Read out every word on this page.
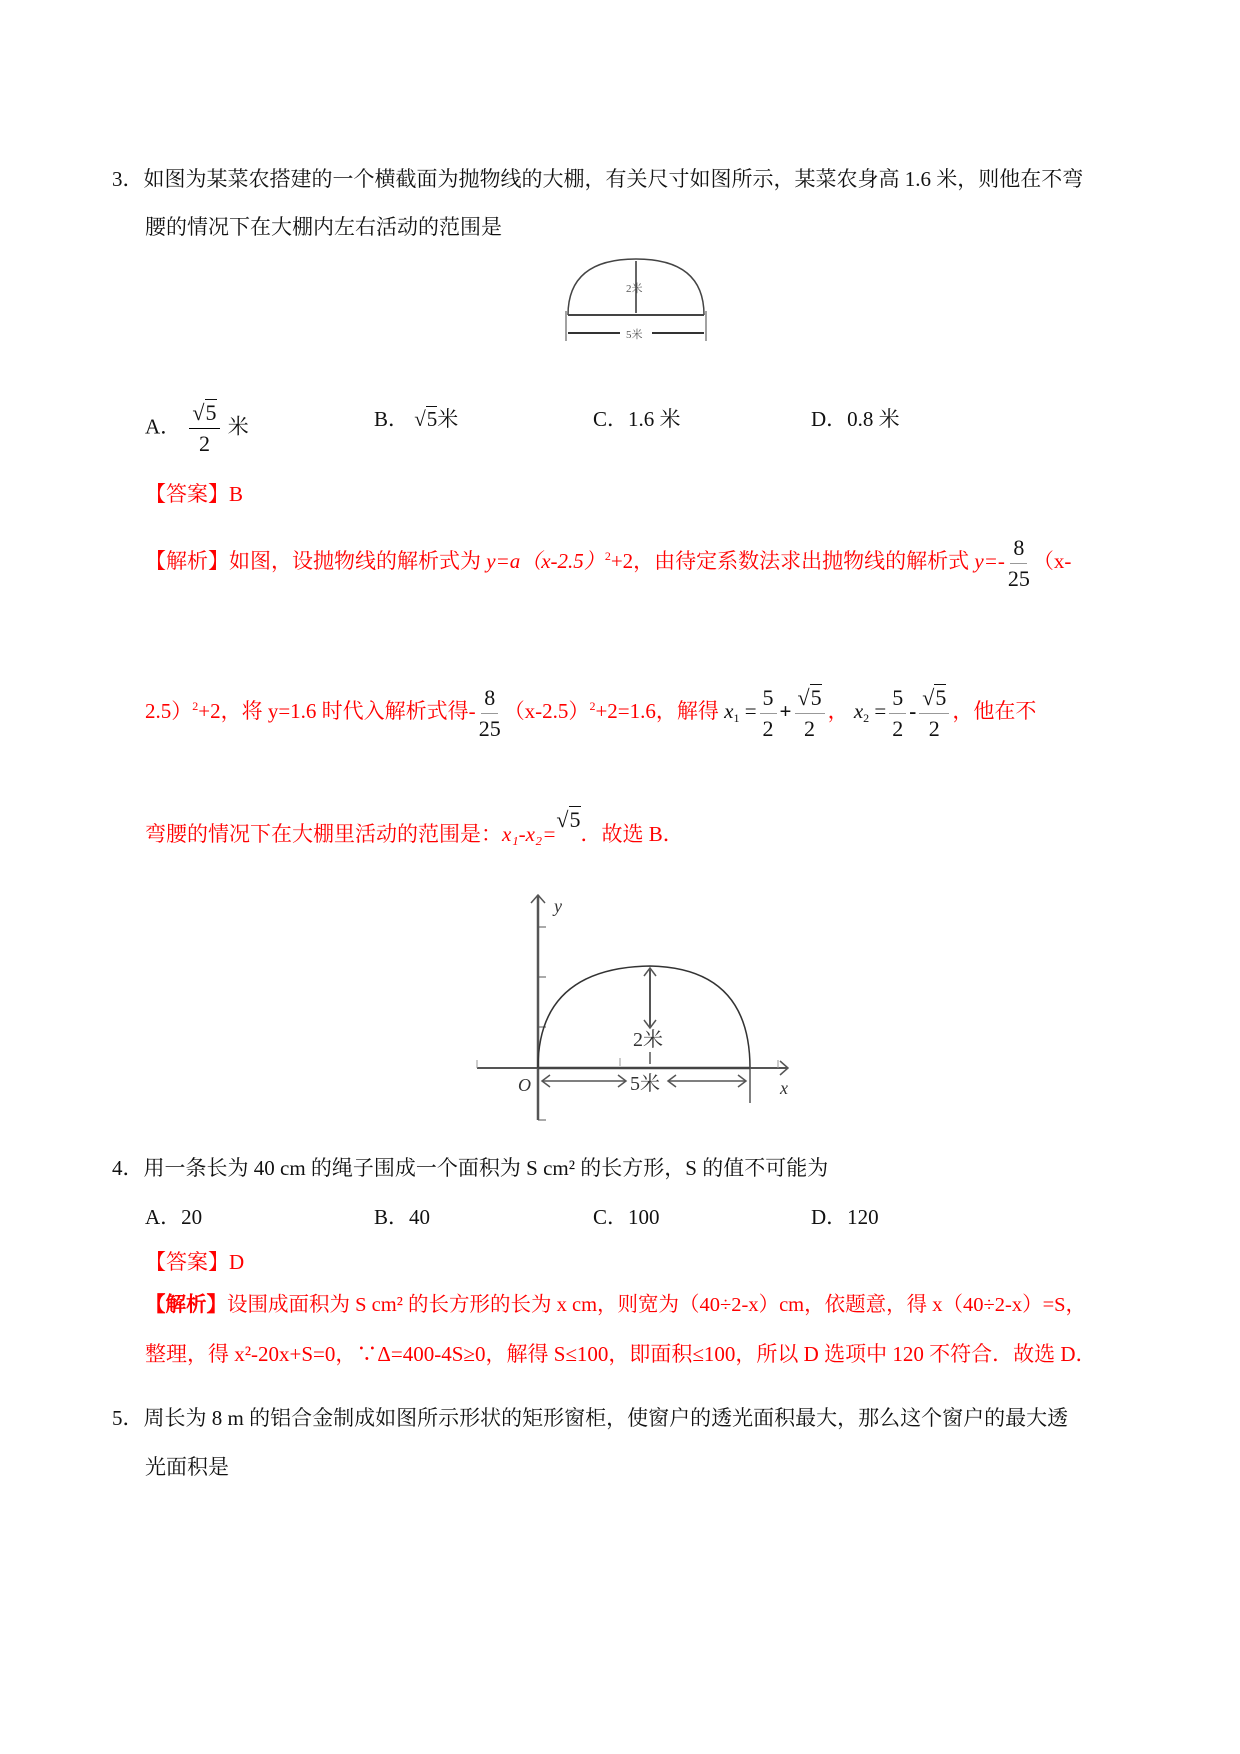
3．如图为某菜农搭建的一个横截面为抛物线的大棚，有关尺寸如图所示，某菜农身高 1.6 米，则他在不弯
腰的情况下在大棚内左右活动的范围是
2米
5米
A． $\frac{√5}{2}$ 米	B． √5米	C．1.6 米	D．0.8 米
【答案】B
【解析】如图，设抛物线的解析式为 $y=a(x-2.5)^2+2$，由待定系数法求出抛物线的解析式 $y=- \frac{8}{25} (x-$
2.5）$^2$+2，将 y=1.6 时代入解析式得- $\frac{8}{25} (x-2.5)^2+2=1.6$，解得 $x_1 = \frac{5}{2} + \frac{√5}{2}$ ， $x_2 = \frac{5}{2} - \frac{√5}{2}$ ，他在不
弯腰的情况下在大棚里活动的范围是：x₁-x₂=√5．故选 B．
y
x
O
2米
5米
4．用一条长为 40 cm 的绳子围成一个面积为 S cm² 的长方形，S 的值不可能为
A．20	B．40	C．100	D．120
【答案】D
【解析】设围成面积为 S cm² 的长方形的长为 x cm，则宽为（40÷2-x）cm，依题意，得 x（40÷2-x）=S，
整理，得 x²-20x+S=0，∵Δ=400-4S≥0，解得 S≤100，即面积≤100，所以 D 选项中 120 不符合．故选 D．
5．周长为 8 m 的铝合金制成如图所示形状的矩形窗柜，使窗户的透光面积最大，那么这个窗户的最大透
光面积是
